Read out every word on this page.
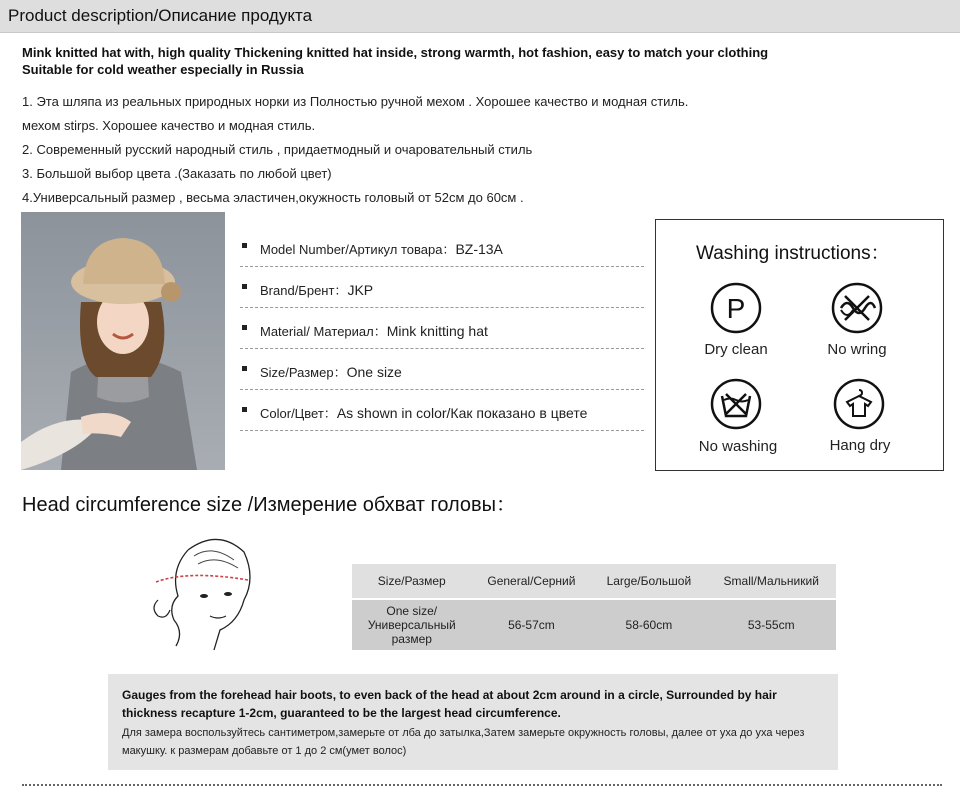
Product description/Описание продукта
Mink knitted hat with, high quality Thickening knitted hat inside, strong warmth, hot fashion, easy to match your clothing
Suitable for cold weather especially in Russia
1. Эта шляпа из реальных природных норки из Полностью ручной мехом . Хорошее качество и модная стиль.
мехом stirps. Хорошее качество и модная стиль.
2. Современный русский народный стиль , придаетмодный и очаровательный стиль
3. Большой выбор цвета .(Заказать по любой цвет)
4.Универсальный размер , весьма эластичен,окужность головый от 52см до 60см .
Model Number/Артикул товара：BZ-13A
Brand/Брент：JKP
Material/ Материал：Mink knitting hat
Size/Размер：One size
Color/Цвет：As shown in color/Как показано в цвете
Washing instructions：
P
Dry clean	No wring
No washing	Hang dry
Head circumference size /Измерение обхват головы：
Size/Размер	General/Серний	Large/Большой	Small/Мальникий

One size/
Универсальный
размер	56-57cm	58-60cm	53-55cm
Gauges from the forehead hair boots, to even back of the head at about 2cm around in a circle, Surrounded by hair thickness recapture 1-2cm, guaranteed to be the largest head circumference.
Для замера воспользуйтесь сантиметром,замерьте от лба до затылка,Затем замерьте окружность головы, далее от уха до уха через макушку. к размерам добавьте от 1 до 2 см(умет волос)
